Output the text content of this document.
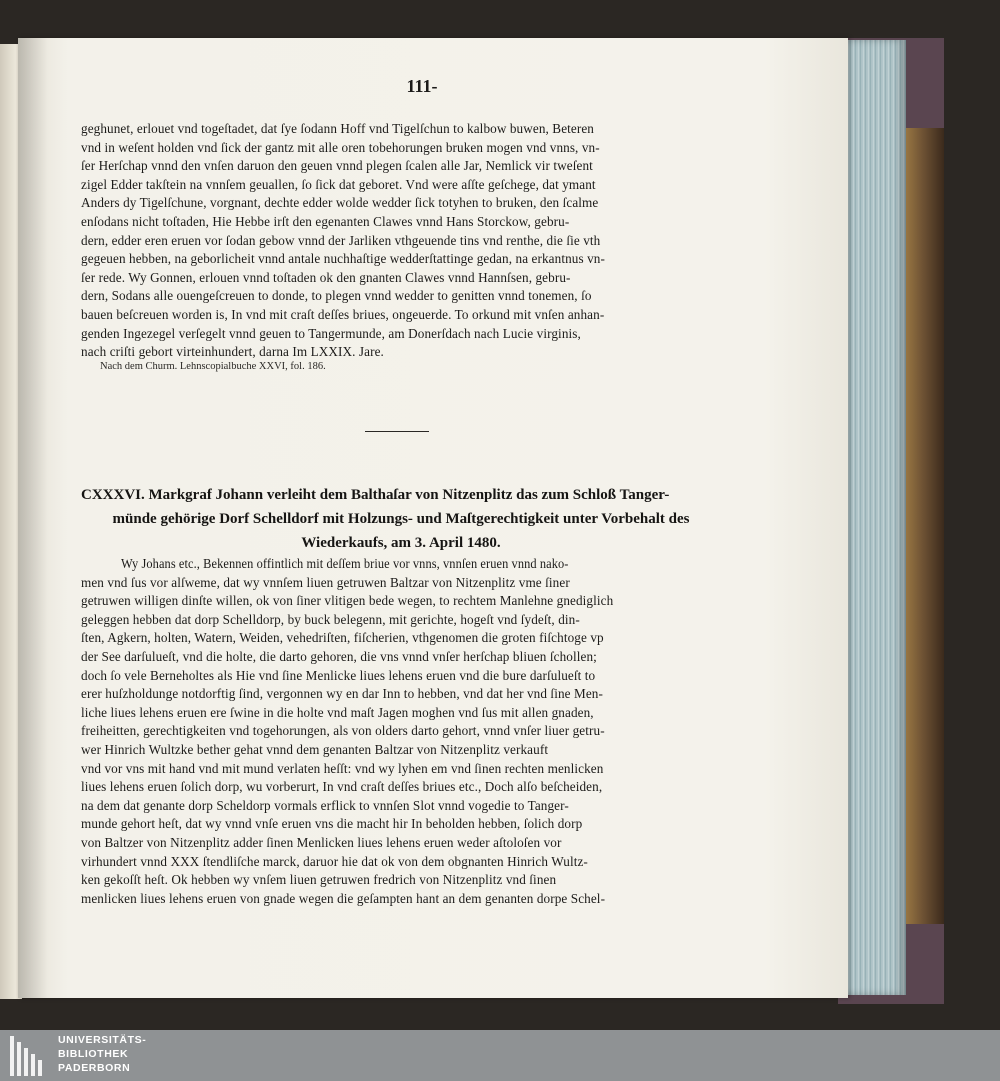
111-
geghunet, erlouet vnd togeſtadet, dat ſye ſodann Hoff vnd Tigelſchun to kalbow buwen, Beteren
vnd in weſent holden vnd ſick der gantz mit alle oren tobehorungen bruken mogen vnd vnns, vn-
ſer Herſchap vnnd den vnſen daruon den geuen vnnd plegen ſcalen alle Jar, Nemlick vir tweſent
zigel Edder takſtein na vnnſem geuallen, ſo ſick dat geboret. Vnd were aſſte geſchege, dat ymant
Anders dy Tigelſchune, vorgnant, dechte edder wolde wedder ſick totyhen to bruken, den ſcalme
enſodans nicht toſtaden, Hie Hebbe irſt den egenanten Clawes vnnd Hans Storckow, gebru-
dern, edder eren eruen vor ſodan gebow vnnd der Jarliken vthgeuende tins vnd renthe, die ſie vth
gegeuen hebben, na geborlicheit vnnd antale nuchhaſtige wedderſtattinge gedan, na erkantnus vn-
ſer rede. Wy Gonnen, erlouen vnnd toſtaden ok den gnanten Clawes vnnd Hannſsen, gebru-
dern, Sodans alle ouengeſcreuen to donde, to plegen vnnd wedder to genitten vnnd tonemen, ſo
bauen beſcreuen worden is, In vnd mit craſt deſſes briues, ongeuerde. To orkund mit vnſen anhan-
genden Ingezegel verſegelt vnnd geuen to Tangermunde, am Donerſdach nach Lucie virginis,
nach criſti gebort virteinhundert, darna Im LXXIX. Jare.
Nach dem Churm. Lehnscopialbuche XXVI, fol. 186.
CXXXVI. Markgraf Johann verleiht dem Balthaſar von Nitzenplitz das zum Schloß Tanger-
münde gehörige Dorf Schelldorf mit Holzungs- und Maſtgerechtigkeit unter Vorbehalt des
Wiederkaufs, am 3. April 1480.
Wy Johans etc., Bekennen offintlich mit deſſem briue vor vnns, vnnſen eruen vnnd nako-
men vnd ſus vor alſweme, dat wy vnnſem liuen getruwen Baltzar von Nitzenplitz vme ſiner
getruwen willigen dinſte willen, ok von ſiner vlitigen bede wegen, to rechtem Manlehne gnediglich
geleggen hebben dat dorp Schelldorp, by buck belegenn, mit gerichte, hogeſt vnd ſydeſt, din-
ſten, Agkern, holten, Watern, Weiden, vehedriſten, fiſcherien, vthgenomen die groten fiſchtoge vp
der See darſulueſt, vnd die holte, die darto gehoren, die vns vnnd vnſer herſchap bliuen ſchollen;
doch ſo vele Berneholtes als Hie vnd ſine Menlicke liues lehens eruen vnd die bure darſulueſt to
erer huſzholdunge notdorftig ſind, vergonnen wy en dar Inn to hebben, vnd dat her vnd ſine Men-
liche liues lehens eruen ere ſwine in die holte vnd maſt Jagen moghen vnd ſus mit allen gnaden,
freiheitten, gerechtigkeiten vnd togehorungen, als von olders darto gehort, vnnd vnſer liuer getru-
wer Hinrich Wultzke bether gehat vnnd dem genanten Baltzar von Nitzenplitz verkauft
vnd vor vns mit hand vnd mit mund verlaten heſſt: vnd wy lyhen em vnd ſinen rechten menlicken
liues lehens eruen ſolich dorp, wu vorberurt, In vnd craſt deſſes briues etc., Doch alſo beſcheiden,
na dem dat genante dorp Scheldorp vormals erflick to vnnſen Slot vnnd vogedie to Tanger-
munde gehort heſt, dat wy vnnd vnſe eruen vns die macht hir In beholden hebben, ſolich dorp
von Baltzer von Nitzenplitz adder ſinen Menlicken liues lehens eruen weder aſtoloſen vor
virhundert vnnd XXX ſtendliſche marck, daruor hie dat ok von dem obgnanten Hinrich Wultz-
ken gekoſſt heſt. Ok hebben wy vnſem liuen getruwen fredrich von Nitzenplitz vnd ſinen
menlicken liues lehens eruen von gnade wegen die geſampten hant an dem genanten dorpe Schel-
UNIVERSITÄTS-
BIBLIOTHEK
PADERBORN
